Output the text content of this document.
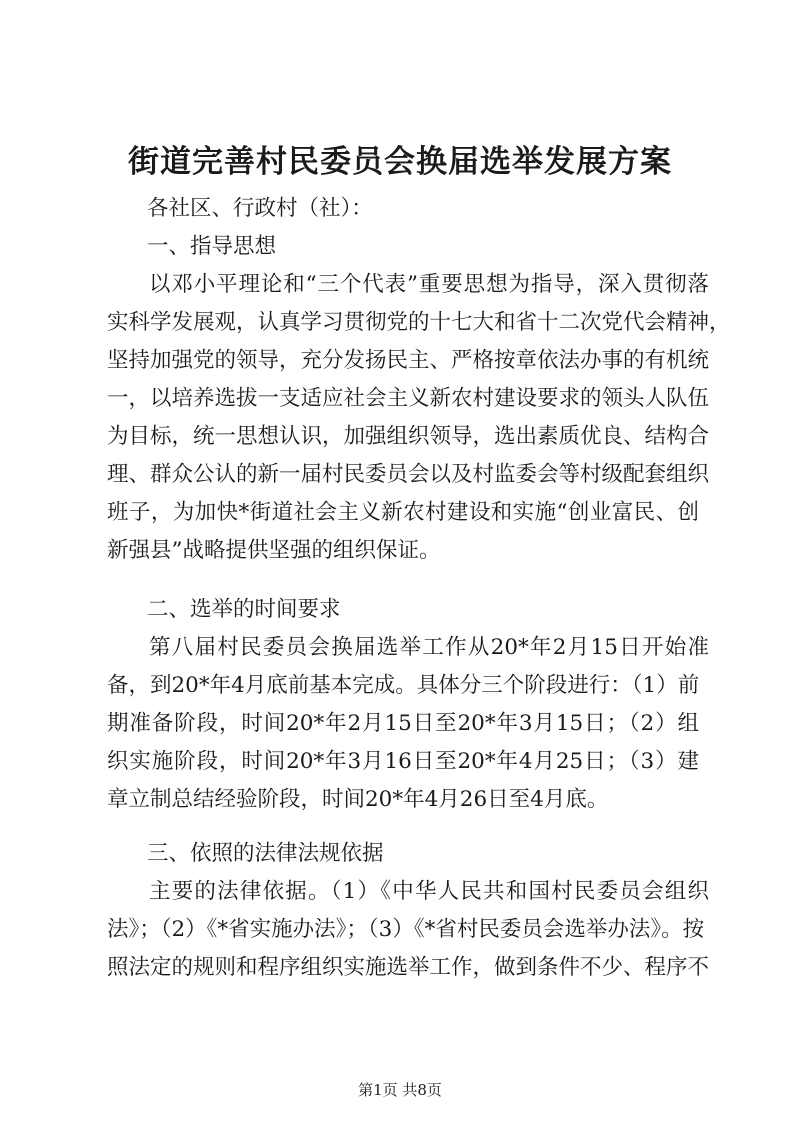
街道完善村民委员会换届选举发展方案
各社区、行政村（社）：
一、指导思想
以邓小平理论和“三个代表”重要思想为指导，深入贯彻落
实科学发展观，认真学习贯彻党的十七大和省十二次党代会精神，
坚持加强党的领导，充分发扬民主、严格按章依法办事的有机统
一，以培养选拔一支适应社会主义新农村建设要求的领头人队伍
为目标，统一思想认识，加强组织领导，选出素质优良、结构合
理、群众公认的新一届村民委员会以及村监委会等村级配套组织
班子，为加快*街道社会主义新农村建设和实施“创业富民、创
新强县”战略提供坚强的组织保证。
二、选举的时间要求
第八届村民委员会换届选举工作从20*年2月15日开始准
备，到20*年4月底前基本完成。具体分三个阶段进行：（1）前
期准备阶段，时间20*年2月15日至20*年3月15日；（2）组
织实施阶段，时间20*年3月16日至20*年4月25日；（3）建
章立制总结经验阶段，时间20*年4月26日至4月底。
三、依照的法律法规依据
主要的法律依据。（1）《中华人民共和国村民委员会组织
法》；（2）《*省实施办法》；（3）《*省村民委员会选举办法》。按
照法定的规则和程序组织实施选举工作，做到条件不少、程序不
第1页 共8页
